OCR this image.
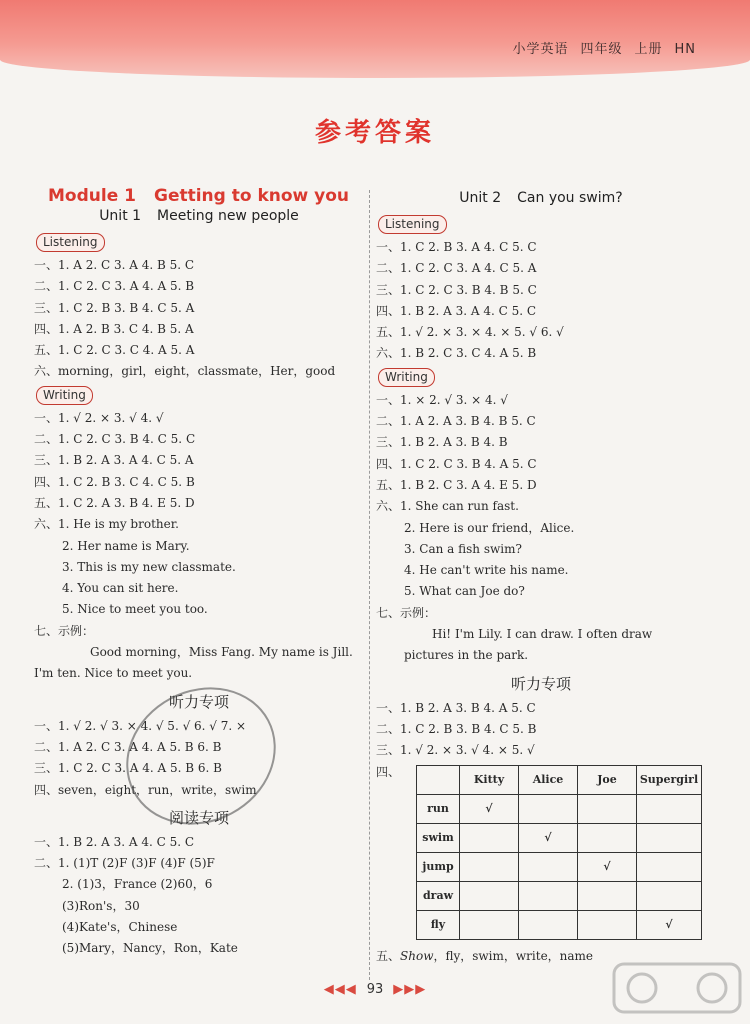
小学英语 四年级 上册 HN
参考答案
Module 1 Getting to know you
Unit 1 Meeting new people
Listening

一、1. A 2. C 3. A 4. B 5. C

二、1. C 2. C 3. A 4. A 5. B

三、1. C 2. B 3. B 4. C 5. A

四、1. A 2. B 3. C 4. B 5. A

五、1. C 2. C 3. C 4. A 5. A

六、morning，girl，eight，classmate，Her，good

Writing

一、1. √ 2. × 3. √ 4. √

二、1. C 2. C 3. B 4. C 5. C

三、1. B 2. A 3. A 4. C 5. A

四、1. C 2. B 3. C 4. C 5. B

五、1. C 2. A 3. B 4. E 5. D

六、1. He is my brother.

2. Her name is Mary.

3. This is my new classmate.

4. You can sit here.

5. Nice to meet you too.

七、示例：

Good morning，Miss Fang. My name is Jill.

I'm ten. Nice to meet you.

听力专项

一、1. √ 2. √ 3. × 4. √ 5. √ 6. √ 7. ×

二、1. A 2. C 3. A 4. A 5. B 6. B

三、1. C 2. C 3. A 4. A 5. B 6. B

四、seven，eight，run，write，swim

阅读专项

一、1. B 2. A 3. A 4. C 5. C

二、1. (1)T (2)F (3)F (4)F (5)F

2. (1)3，France (2)60，6

(3)Ron's，30

(4)Kate's，Chinese

(5)Mary，Nancy，Ron，Kate

Unit 2 Can you swim?
Listening

一、1. C 2. B 3. A 4. C 5. C

二、1. C 2. C 3. A 4. C 5. A

三、1. C 2. C 3. B 4. B 5. C

四、1. B 2. A 3. A 4. C 5. C

五、1. √ 2. × 3. × 4. × 5. √ 6. √

六、1. B 2. C 3. C 4. A 5. B

Writing

一、1. × 2. √ 3. × 4. √

二、1. A 2. A 3. B 4. B 5. C

三、1. B 2. A 3. B 4. B

四、1. C 2. C 3. B 4. A 5. C

五、1. B 2. C 3. A 4. E 5. D

六、1. She can run fast.

2. Here is our friend，Alice.

3. Can a fish swim?

4. He can't write his name.

5. What can Joe do?

七、示例：

Hi! I'm Lily. I can draw. I often draw

pictures in the park.

听力专项

一、1. B 2. A 3. B 4. A 5. C

二、1. C 2. B 3. B 4. C 5. B

三、1. √ 2. × 3. √ 4. × 5. √

四、

	Kitty	Alice	Joe	Supergirl
run	√			
swim		√		
jump			√	
draw				
fly				√

五、Show，fly，swim，write，name

◀◀◀ 93 ▶▶▶
